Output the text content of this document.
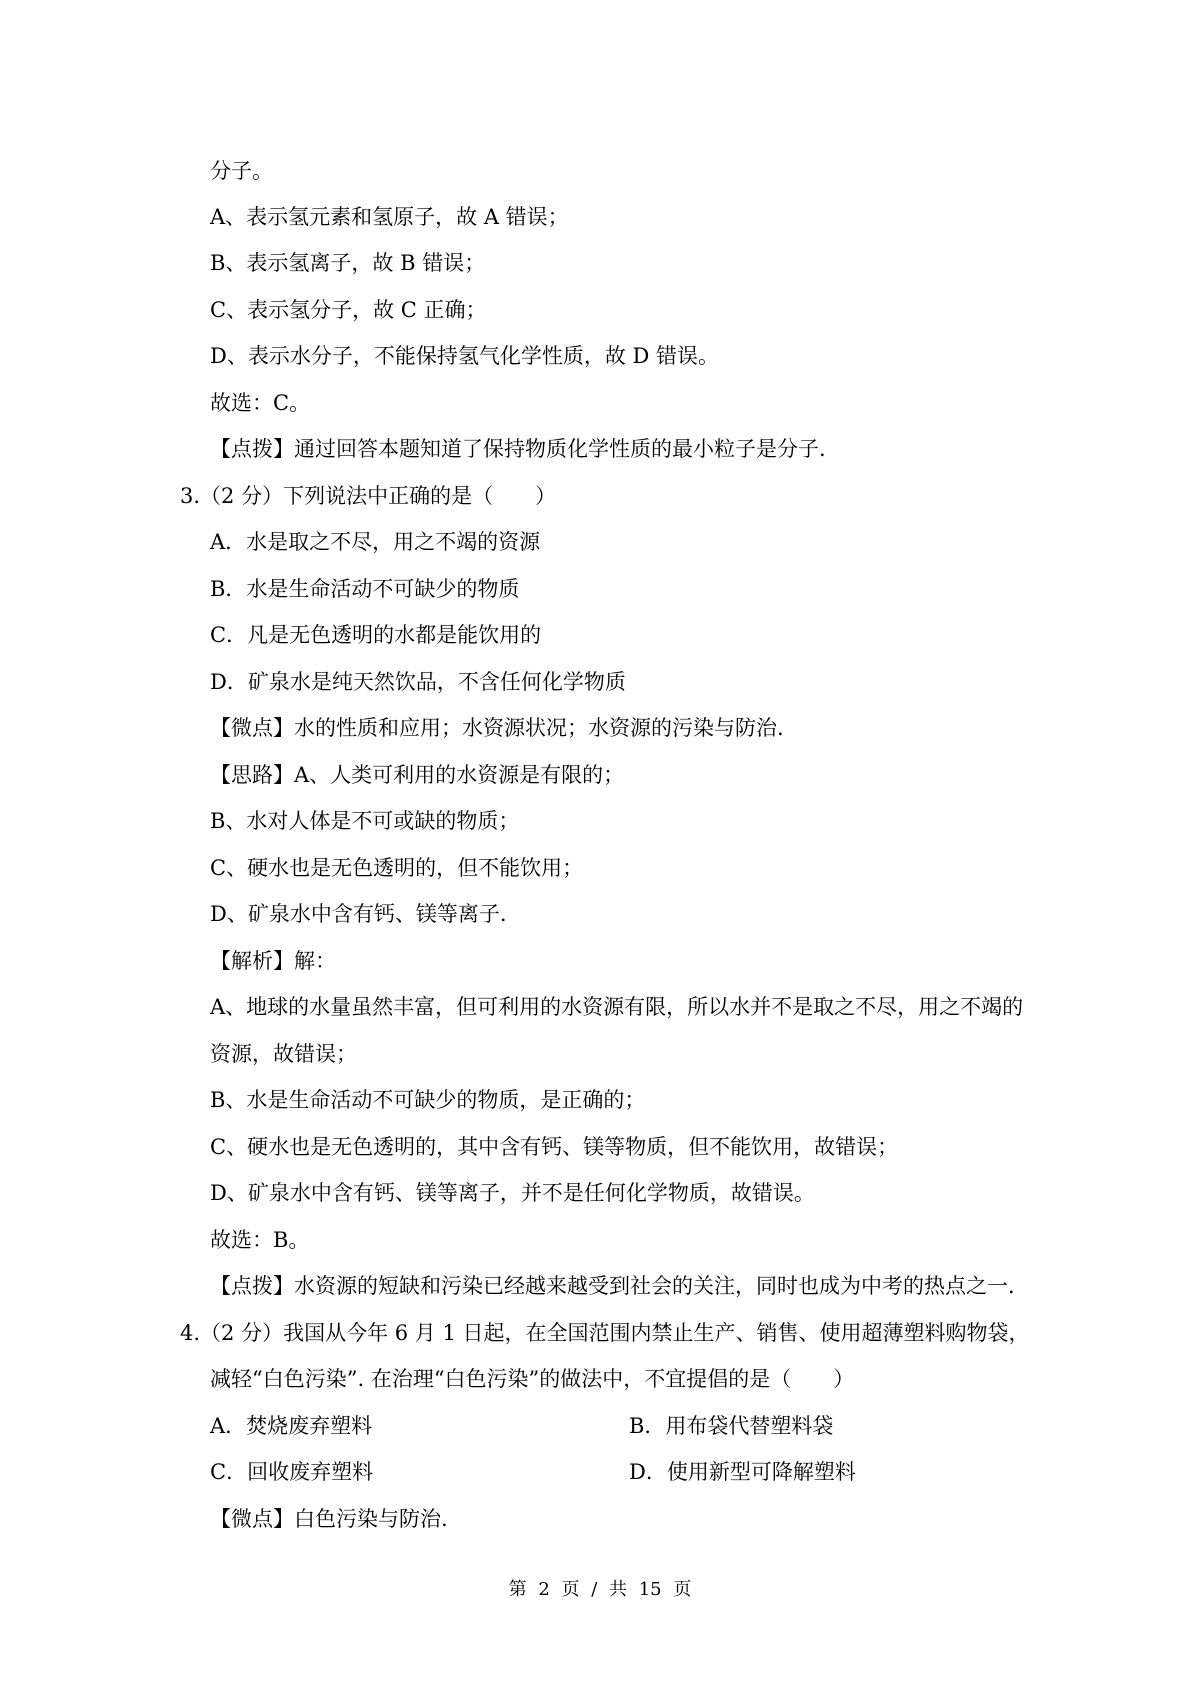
分子。
A、表示氢元素和氢原子，故 A 错误；
B、表示氢离子，故 B 错误；
C、表示氢分子，故 C 正确；
D、表示水分子，不能保持氢气化学性质，故 D 错误。
故选：C。
【点拨】通过回答本题知道了保持物质化学性质的最小粒子是分子.
3.（2 分）下列说法中正确的是（　　）
A．水是取之不尽，用之不竭的资源
B．水是生命活动不可缺少的物质
C．凡是无色透明的水都是能饮用的
D．矿泉水是纯天然饮品，不含任何化学物质
【微点】水的性质和应用；水资源状况；水资源的污染与防治.
【思路】A、人类可利用的水资源是有限的；
B、水对人体是不可或缺的物质；
C、硬水也是无色透明的，但不能饮用；
D、矿泉水中含有钙、镁等离子.
【解析】解：
A、地球的水量虽然丰富，但可利用的水资源有限，所以水并不是取之不尽，用之不竭的
资源，故错误；
B、水是生命活动不可缺少的物质，是正确的；
C、硬水也是无色透明的，其中含有钙、镁等物质，但不能饮用，故错误；
D、矿泉水中含有钙、镁等离子，并不是任何化学物质，故错误。
故选：B。
【点拨】水资源的短缺和污染已经越来越受到社会的关注，同时也成为中考的热点之一.
4.（2 分）我国从今年 6 月 1 日起，在全国范围内禁止生产、销售、使用超薄塑料购物袋，
减轻“白色污染”. 在治理“白色污染”的做法中，不宜提倡的是（　　）
A．焚烧废弃塑料	B．用布袋代替塑料袋
C．回收废弃塑料	D．使用新型可降解塑料
【微点】白色污染与防治.
第 2 页 / 共 15 页
